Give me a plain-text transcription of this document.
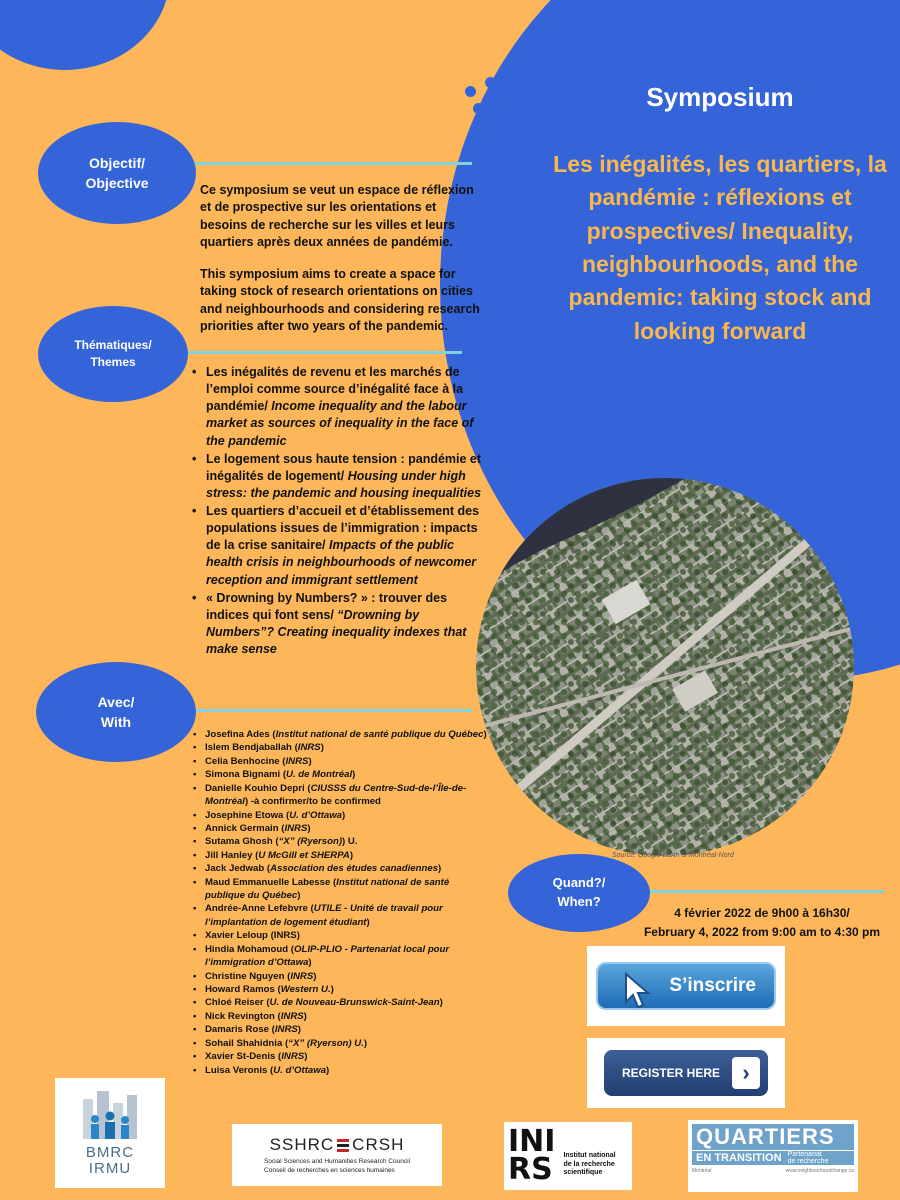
Symposium
Les inégalités, les quartiers, la pandémie : réflexions et prospectives/ Inequality, neighbourhoods, and the pandemic: taking stock and looking forward
Objectif/
Objective	Ce symposium se veut un espace de réflexion et de prospective sur les orientations et besoins de recherche sur les villes et leurs quartiers après deux années de pandémie.

This symposium aims to create a space for taking stock of research orientations on cities and neighbourhoods and considering research priorities after two years of the pandemic.

Thématiques/
Themes
• Les inégalités de revenu et les marchés de l’emploi comme source d’inégalité face à la pandémie/ Income inequality and the labour market as sources of inequality in the face of the pandemic
• Le logement sous haute tension : pandémie et inégalités de logement/ Housing under high stress: the pandemic and housing inequalities
• Les quartiers d’accueil et d’établissement des populations issues de l’immigration : impacts de la crise sanitaire/ Impacts of the public health crisis in neighbourhoods of newcomer reception and immigrant settlement
• « Drowning by Numbers? » : trouver des indices qui font sens/ “Drowning by Numbers”? Creating inequality indexes that make sense
Avec/
With
• Josefina Ades (Institut national de santé publique du Québec)
• Islem Bendjaballah (INRS)
• Celia Benhocine (INRS)
• Simona Bignami (U. de Montréal)
• Danielle Kouhio Depri (CIUSSS du Centre-Sud-de-l’Île-de-Montréal) -à confirmer/to be confirmed
• Josephine Etowa (U. d’Ottawa)
• Annick Germain (INRS)
• Sutama Ghosh (“X” (Ryerson)) U.
• Jill Hanley (U McGill et SHERPA)
• Jack Jedwab (Association des études canadiennes)
• Maud Emmanuelle Labesse (Institut national de santé publique du Québec)
• Andrée-Anne Lefebvre (UTILE - Unité de travail pour l’implantation de logement étudiant)
• Xavier Leloup (INRS)
• Hindia Mohamoud (OLIP-PLIO - Partenariat local pour l’immigration d’Ottawa)
• Christine Nguyen (INRS)
• Howard Ramos (Western U.)
• Chloé Reiser (U. de Nouveau-Brunswick-Saint-Jean)
• Nick Revington (INRS)
• Damaris Rose (INRS)
• Sohail Shahidnia (“X” (Ryerson) U.)
• Xavier St-Denis (INRS)
• Luisa Veronis (U. d’Ottawa)
Source: Google Earth of Montréal-Nord
Quand?/
When?
4 février 2022 de 9h00 à 16h30/
February 4, 2022 from 9:00 am to 4:30 pm
S’inscrire
REGISTER HERE	›
BMRC
IRMU
SSHRC CRSH
Social Sciences and Humanities Research Council
Conseil de recherches en sciences humaines
INI
RS	Institut national
de la recherche
scientifique
QUARTIERS
EN TRANSITION Partenariat
de recherche
Montréal	www.neighbourhoodchange.ca
